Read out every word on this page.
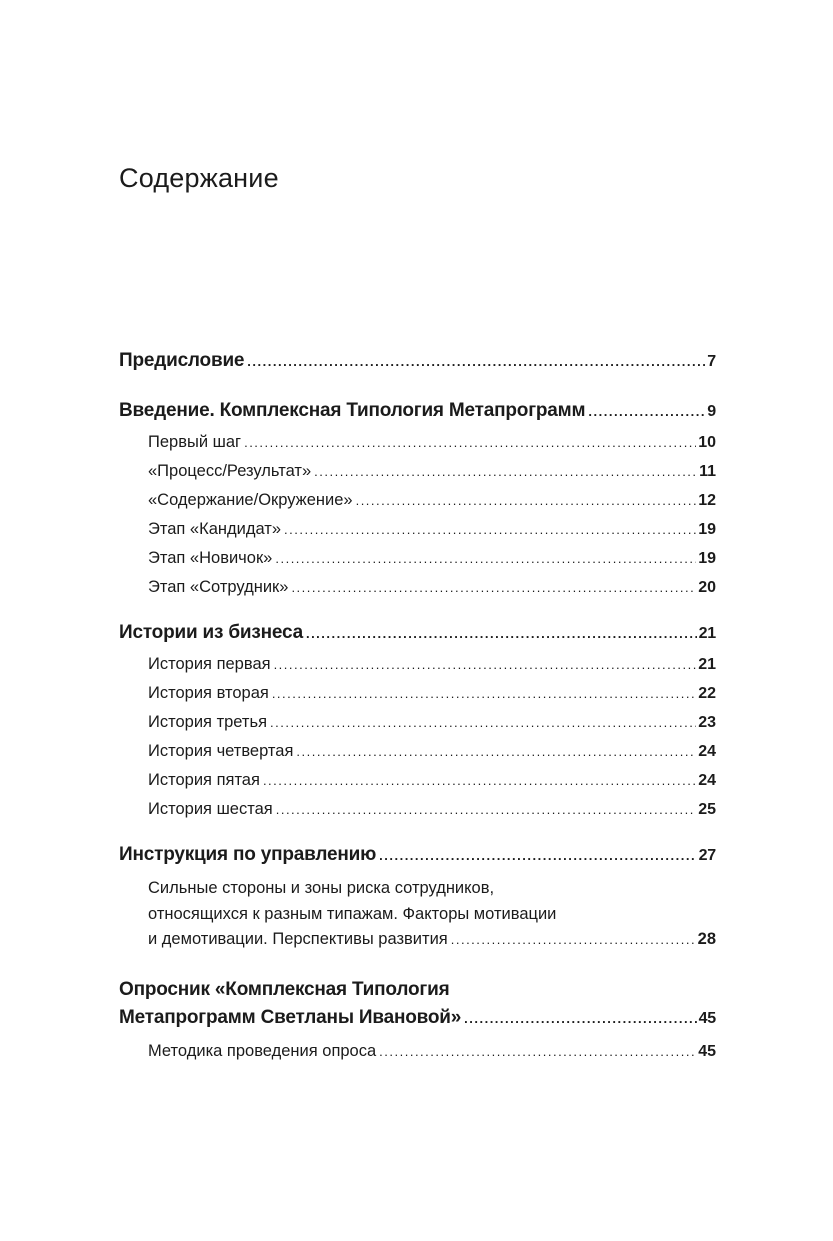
Содержание
Предисловие .....	7
Введение. Комплексная Типология Метапрограмм .....	9
Первый шаг .....	10
«Процесс/Результат» .....	11
«Содержание/Окружение» .....	12
Этап «Кандидат» .....	19
Этап «Новичок» .....	19
Этап «Сотрудник» .....	20
Истории из бизнеса .....	21
История первая .....	21
История вторая .....	22
История третья .....	23
История четвертая .....	24
История пятая .....	24
История шестая .....	25
Инструкция по управлению .....	27
Сильные стороны и зоны риска сотрудников,
относящихся к разным типажам. Факторы мотивации
и демотивации. Перспективы развития .....	28
Опросник «Комплексная Типология
Метапрограмм Светланы Ивановой» .....	45
Методика проведения опроса .....	45
